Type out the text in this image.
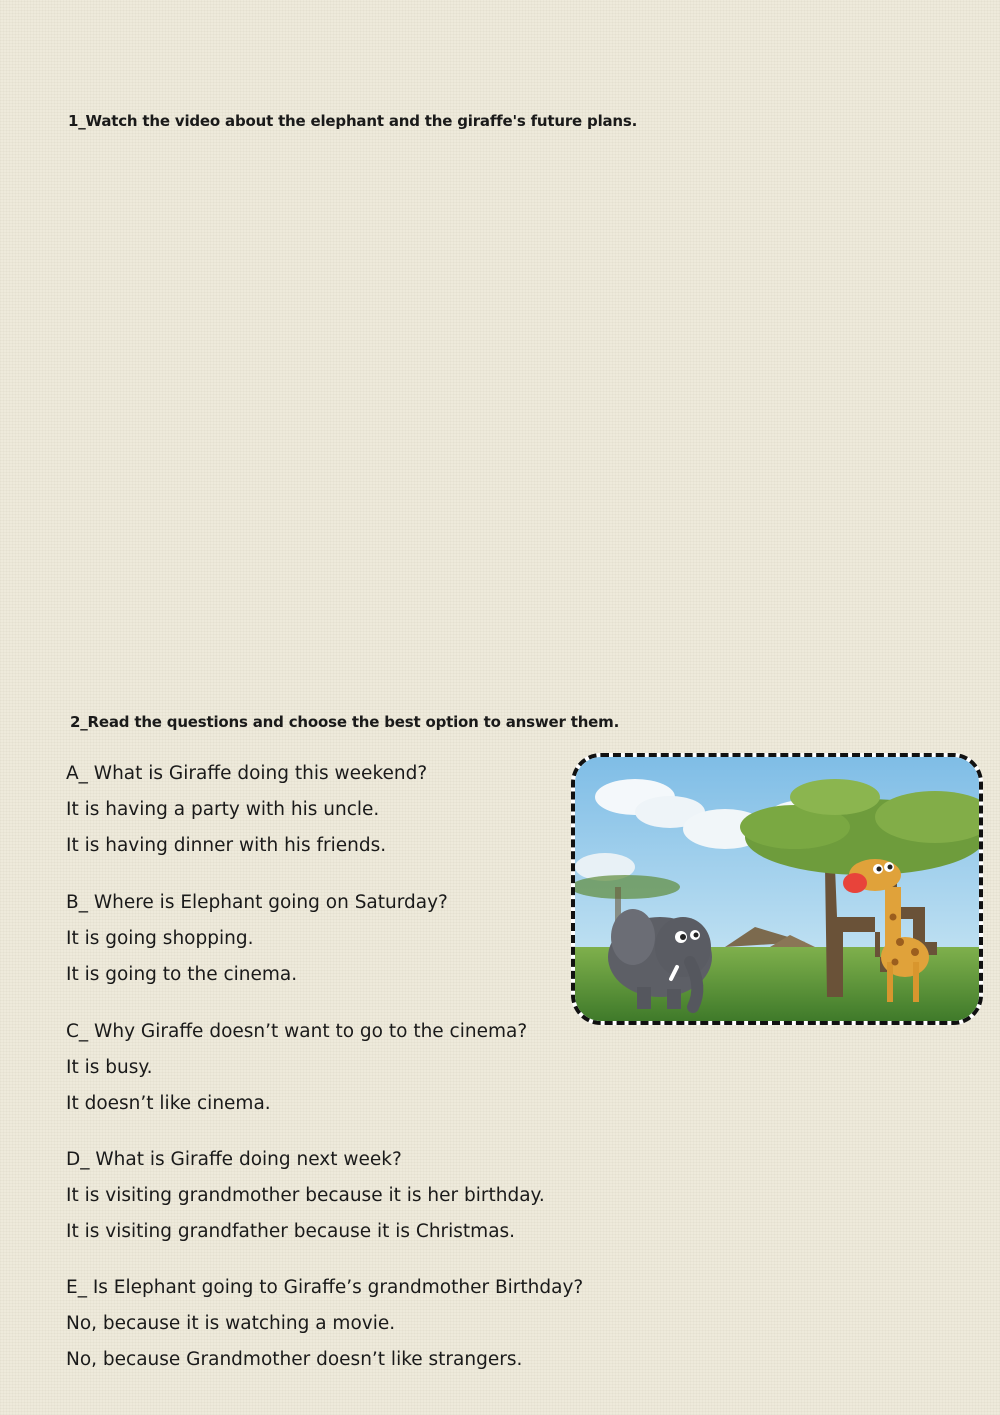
1_Watch the video about the elephant and the giraffe's future plans.
2_Read the questions and choose the best option to answer them.
A_ What is Giraffe doing this weekend?
It is having a party with his uncle.
It is having dinner with his friends.
B_ Where is Elephant going on Saturday?
It is going shopping.
It is going to the cinema.
C_ Why Giraffe doesn’t want to go to the cinema?
It is busy.
It doesn’t like cinema.
D_ What is Giraffe doing next week?
It is visiting grandmother because it is her birthday.
It is visiting grandfather because it is Christmas.
E_ Is Elephant going to Giraffe’s grandmother Birthday?
No, because it is watching a movie.
No, because Grandmother doesn’t like strangers.
